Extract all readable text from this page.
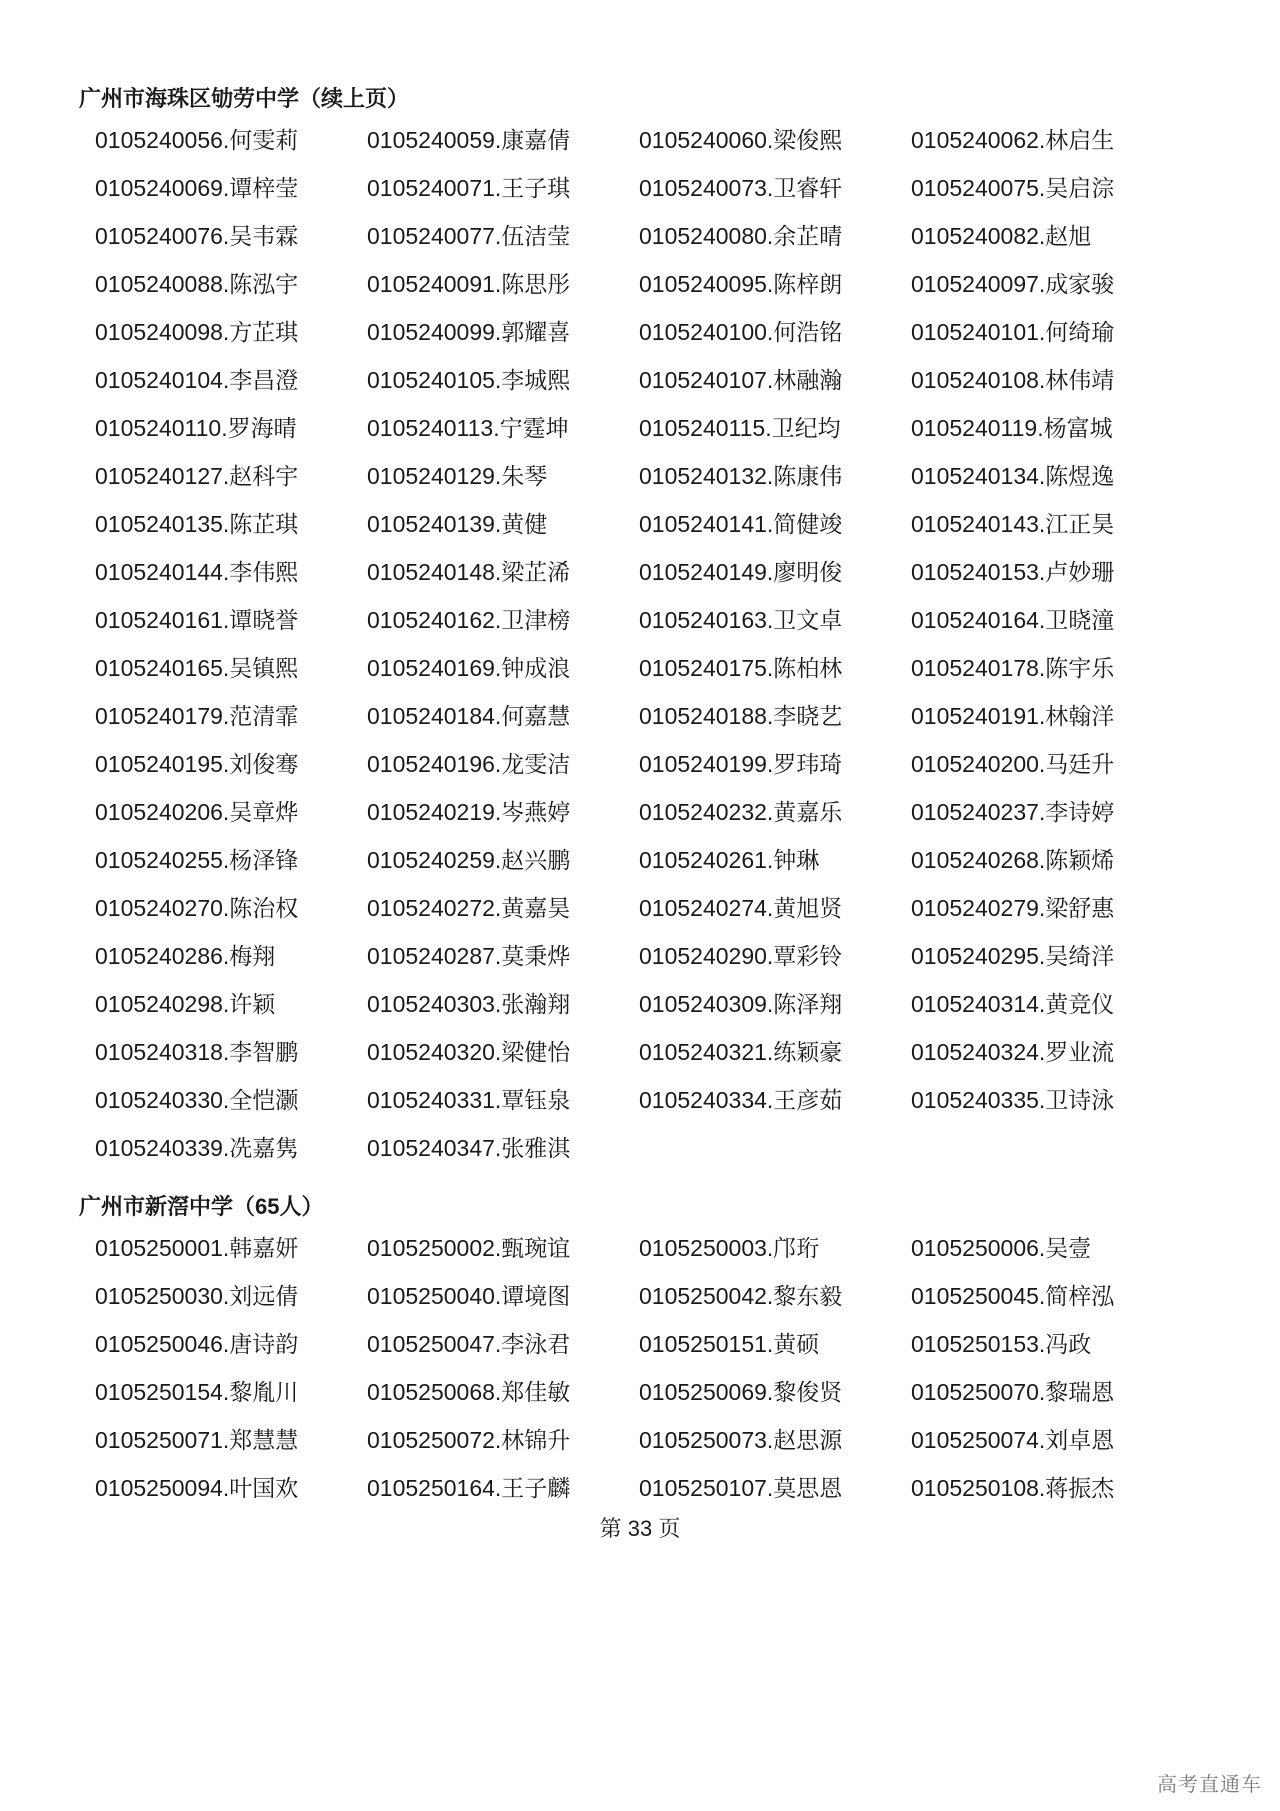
广州市海珠区劬劳中学（续上页）
0105240056.何雯莉	0105240059.康嘉倩	0105240060.梁俊熙	0105240062.林启生
0105240069.谭梓莹	0105240071.王子琪	0105240073.卫睿轩	0105240075.吴启淙
0105240076.吴韦霖	0105240077.伍洁莹	0105240080.余芷晴	0105240082.赵旭
0105240088.陈泓宇	0105240091.陈思彤	0105240095.陈梓朗	0105240097.成家骏
0105240098.方芷琪	0105240099.郭耀喜	0105240100.何浩铭	0105240101.何绮瑜
0105240104.李昌澄	0105240105.李城熙	0105240107.林融瀚	0105240108.林伟靖
0105240110.罗海晴	0105240113.宁霆坤	0105240115.卫纪均	0105240119.杨富城
0105240127.赵科宇	0105240129.朱琴	0105240132.陈康伟	0105240134.陈煜逸
0105240135.陈芷琪	0105240139.黄健	0105240141.简健竣	0105240143.江正昊
0105240144.李伟熙	0105240148.梁芷浠	0105240149.廖明俊	0105240153.卢妙珊
0105240161.谭晓誉	0105240162.卫津榜	0105240163.卫文卓	0105240164.卫晓潼
0105240165.吴镇熙	0105240169.钟成浪	0105240175.陈柏林	0105240178.陈宇乐
0105240179.范清霏	0105240184.何嘉慧	0105240188.李晓艺	0105240191.林翰洋
0105240195.刘俊骞	0105240196.龙雯洁	0105240199.罗玮琦	0105240200.马廷升
0105240206.吴章烨	0105240219.岑燕婷	0105240232.黄嘉乐	0105240237.李诗婷
0105240255.杨泽锋	0105240259.赵兴鹏	0105240261.钟琳	0105240268.陈颖烯
0105240270.陈治权	0105240272.黄嘉昊	0105240274.黄旭贤	0105240279.梁舒惠
0105240286.梅翔	0105240287.莫秉烨	0105240290.覃彩铃	0105240295.吴绮洋
0105240298.许颖	0105240303.张瀚翔	0105240309.陈泽翔	0105240314.黄竞仪
0105240318.李智鹏	0105240320.梁健怡	0105240321.练颖豪	0105240324.罗业流
0105240330.全恺灏	0105240331.覃钰泉	0105240334.王彦茹	0105240335.卫诗泳
0105240339.冼嘉隽	0105240347.张雅淇
广州市新滘中学（65人）
0105250001.韩嘉妍	0105250002.甄琬谊	0105250003.邝珩	0105250006.吴壹
0105250030.刘远倩	0105250040.谭境图	0105250042.黎东毅	0105250045.简梓泓
0105250046.唐诗韵	0105250047.李泳君	0105250151.黄硕	0105250153.冯政
0105250154.黎胤川	0105250068.郑佳敏	0105250069.黎俊贤	0105250070.黎瑞恩
0105250071.郑慧慧	0105250072.林锦升	0105250073.赵思源	0105250074.刘卓恩
0105250094.叶国欢	0105250164.王子麟	0105250107.莫思恩	0105250108.蒋振杰
第 33 页
高考直通车
